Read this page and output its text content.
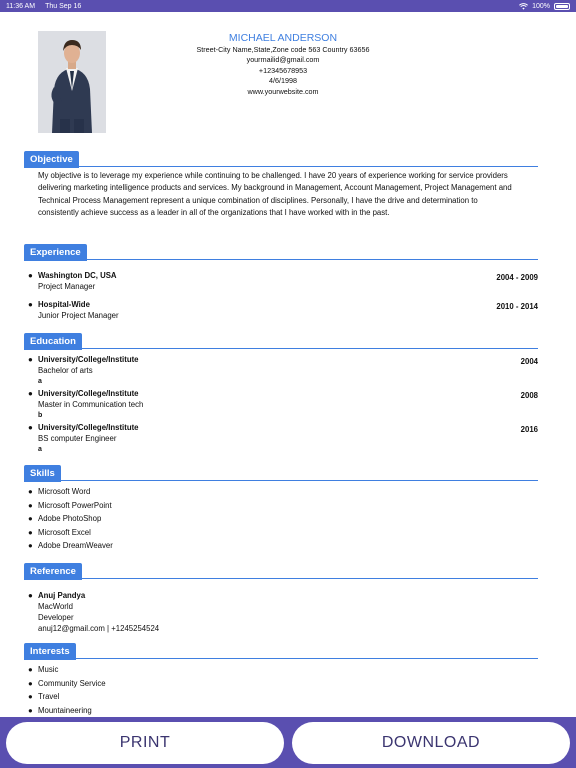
11:36 AM Thu Sep 16	100%
MICHAEL ANDERSON
Street-City Name,State,Zone code 563 Country 63656
yourmailid@gmail.com
+12345678953
4/6/1998
www.yourwebsite.com
Objective
My objective is to leverage my experience while continuing to be challenged. I have 20 years of experience working for service providers delivering marketing intelligence products and services. My background in Management, Account Management, Project Management and Technical Process Management represent a unique combination of disciplines. Personally, I have the drive and determination to consistently achieve success as a leader in all of the organizations that I have worked with in the past.
Experience
● Washington DC, USA
Project Manager
2004 - 2009
● Hospital-Wide
Junior Project Manager
2010 - 2014
Education
● University/College/Institute
Bachelor of arts
a
2004
● University/College/Institute
Master in Communication tech
b
2008
● University/College/Institute
BS computer Engineer
a
2016
Skills
● Microsoft Word
● Microsoft PowerPoint
● Adobe PhotoShop
● Microsoft Excel
● Adobe DreamWeaver
Reference
● Anuj Pandya
MacWorld
Developer
anuj12@gmail.com | +1245254524
Interests
● Music
● Community Service
● Travel
● Mountaineering
PRINT	DOWNLOAD
